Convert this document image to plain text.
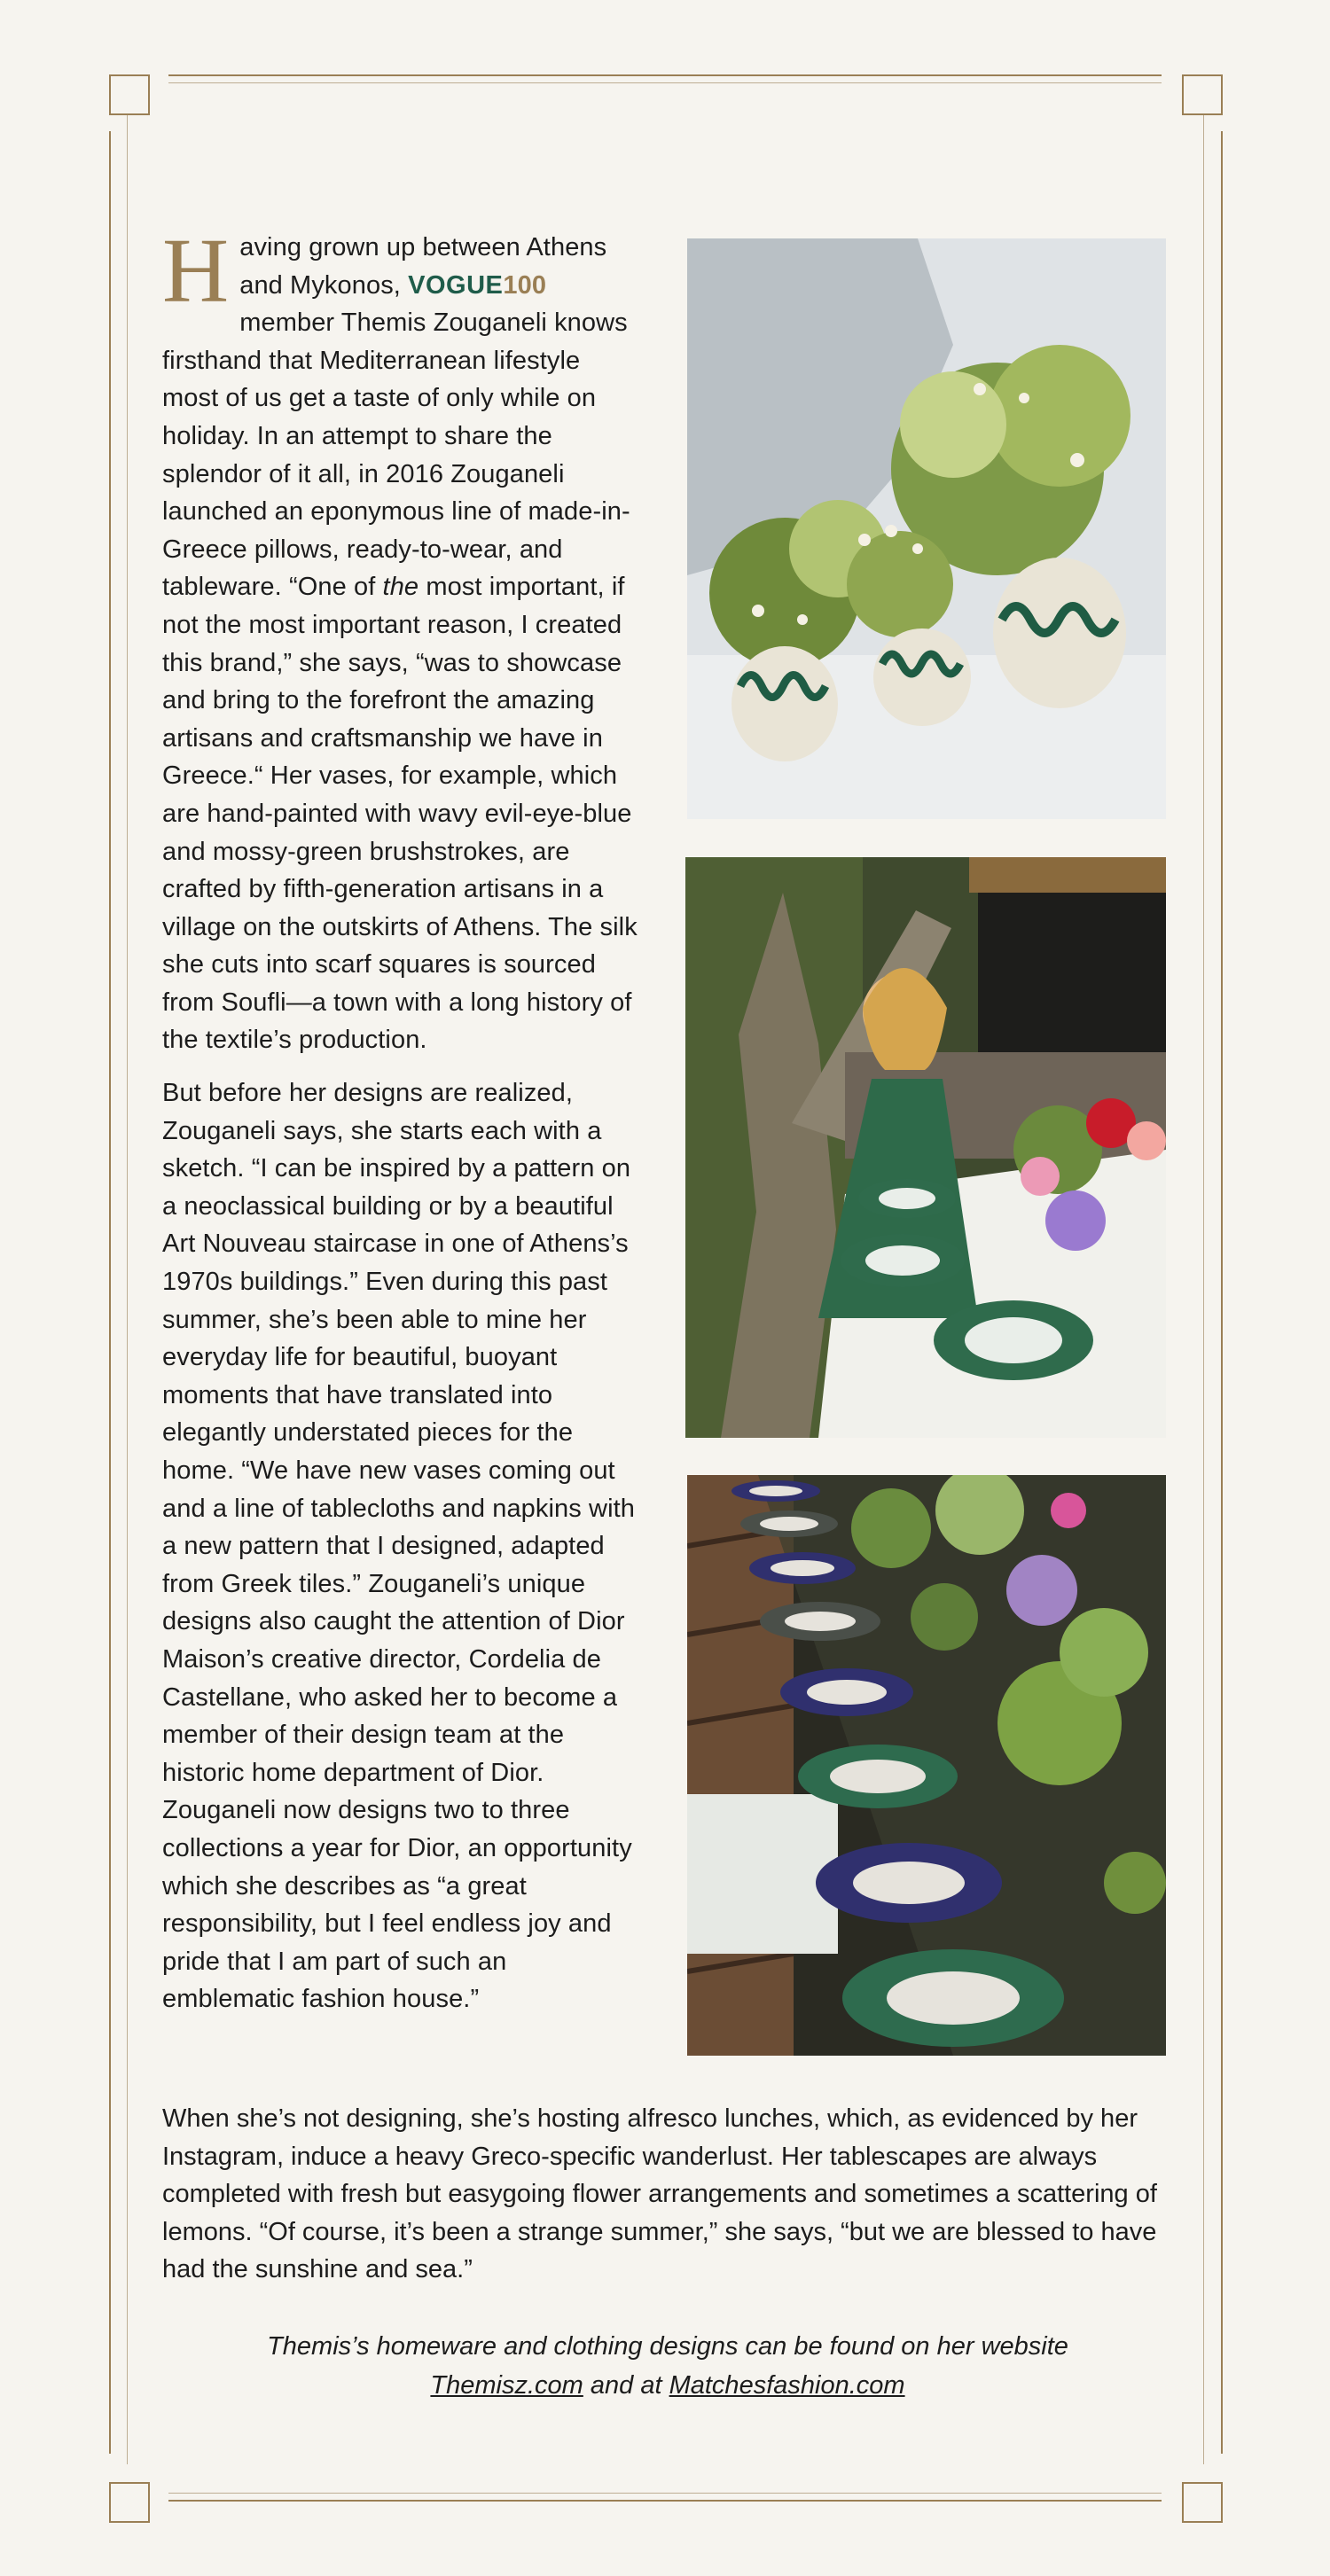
Having grown up between Athens and Mykonos, VOGUE100 member Themis Zouganeli knows firsthand that Mediterranean lifestyle most of us get a taste of only while on holiday. In an attempt to share the splendor of it all, in 2016 Zouganeli launched an eponymous line of made-in-Greece pillows, ready-to-wear, and tableware. “One of the most important, if not the most important reason, I created this brand,” she says, “was to showcase and bring to the forefront the amazing artisans and craftsmanship we have in Greece.“ Her vases, for example, which are hand-painted with wavy evil-eye-blue and mossy-green brushstrokes, are crafted by fifth-generation artisans in a village on the outskirts of Athens. The silk she cuts into scarf squares is sourced from Soufli—a town with a long history of the textile’s production.

But before her designs are realized, Zouganeli says, she starts each with a sketch. “I can be inspired by a pattern on a neoclassical building or by a beautiful Art Nouveau staircase in one of Athens’s 1970s buildings.” Even during this past summer, she’s been able to mine her everyday life for beautiful, buoyant moments that have translated into elegantly understated pieces for the home. “We have new vases coming out and a line of tablecloths and napkins with a new pattern that I designed, adapted from Greek tiles.” Zouganeli’s unique designs also caught the attention of Dior Maison’s creative director, Cordelia de Castellane, who asked her to become a member of their design team at the historic home department of Dior. Zouganeli now designs two to three collections a year for Dior, an opportunity which she describes as “a great responsibility, but I feel endless joy and pride that I am part of such an emblematic fashion house.”

When she’s not designing, she’s hosting alfresco lunches, which, as evidenced by her Instagram, induce a heavy Greco-specific wanderlust. Her tablescapes are always completed with fresh but easygoing flower arrangements and sometimes a scattering of lemons. “Of course, it’s been a strange summer,” she says, “but we are blessed to have had the sunshine and sea.”

Themis’s homeware and clothing designs can be found on her website
Themisz.com and at Matchesfashion.com
